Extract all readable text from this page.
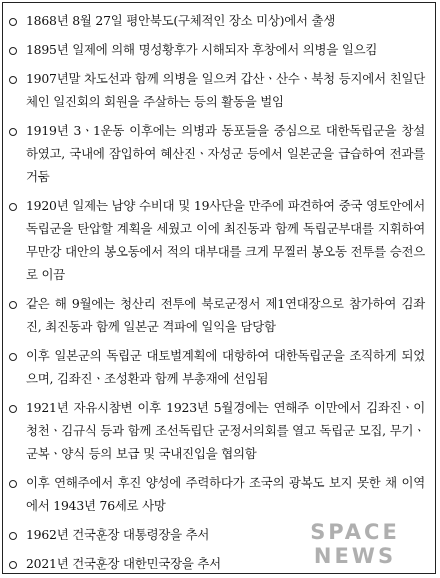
1868년 8월 27일 평안북도(구체적인 장소 미상)에서 출생
1895년 일제에 의해 명성황후가 시해되자 후창에서 의병을 일으킴
1907년말 차도선과 함께 의병을 일으켜 갑산ㆍ산수ㆍ북청 등지에서 친일단체인 일진회의 회원을 주살하는 등의 활동을 벌임
1919년 3ㆍ1운동 이후에는 의병과 동포들을 중심으로 대한독립군을 창설하였고, 국내에 잠입하여 혜산진ㆍ자성군 등에서 일본군을 급습하여 전과를 거둠
1920년 일제는 남양 수비대 및 19사단을 만주에 파견하여 중국 영토안에서 독립군을 탄압할 계획을 세웠고 이에 최진동과 함께 독립군부대를 지휘하여 무만강 대안의 봉오동에서 적의 대부대를 크게 무찔러 봉오동 전투를 승전으로 이끔
같은 해 9월에는 청산리 전투에 북로군정서 제1연대장으로 참가하여 김좌진, 최진동과 함께 일본군 격파에 일익을 담당함
이후 일본군의 독립군 대토벌계획에 대항하여 대한독립군을 조직하게 되었으며, 김좌진ㆍ조성환과 함께 부총재에 선임됨
1921년 자유시참변 이후 1923년 5월경에는 연해주 이만에서 김좌진ㆍ이청천ㆍ김규식 등과 함께 조선독립단 군정서의회를 열고 독립군 모집, 무기ㆍ군복ㆍ양식 등의 보급 및 국내진입을 협의함
이후 연해주에서 후진 양성에 주력하다가 조국의 광복도 보지 못한 채 이역에서 1943년 76세로 사망
1962년 건국훈장 대통령장을 추서
2021년 건국훈장 대한민국장을 추서
SPACE
NEWS
